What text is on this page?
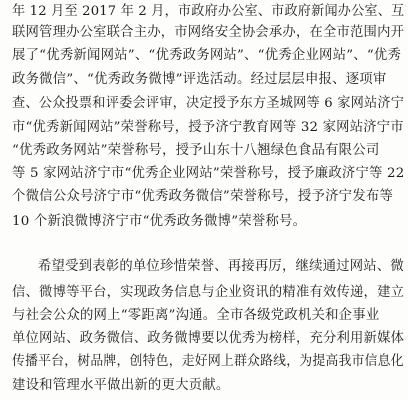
年 12 月至 2017 年 2 月，市政府办公室、市政府新闻办公室、互
联网管理办公室联合主办，市网络安全协会承办，在全市范围内开
展了“优秀新闻网站”、“优秀政务网站”、“优秀企业网站”、“优秀
政务微信”、“优秀政务微博”评选活动。经过层层申报、逐项审
查、公众投票和评委会评审，决定授予东方圣城网等 6 家网站济宁
市“优秀新闻网站”荣誉称号，授予济宁教育网等 32 家网站济宁市
“优秀政务网站”荣誉称号，授予山东十八翘绿色食品有限公司
等 5 家网站济宁市“优秀企业网站”荣誉称号，授予廉政济宁等 22
个微信公众号济宁市“优秀政务微信”荣誉称号，授予济宁发布等
10 个新浪微博济宁市“优秀政务微博”荣誉称号。
希望受到表彰的单位珍惜荣誉、再接再厉，继续通过网站、微
信、微博等平台，实现政务信息与企业资讯的精准有效传递，建立
与社会公众的网上“零距离”沟通。全市各级党政机关和企事业
单位网站、政务微信、政务微博要以优秀为榜样，充分利用新媒体
传播平台，树品牌，创特色，走好网上群众路线，为提高我市信息化
建设和管理水平做出新的更大贡献。
